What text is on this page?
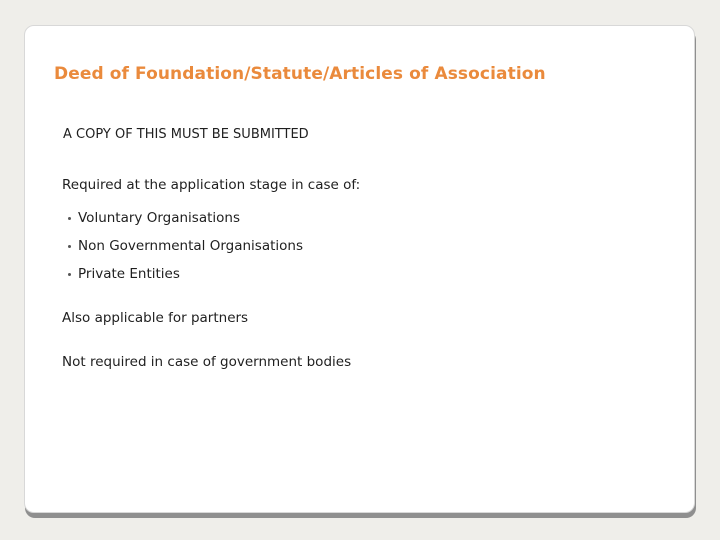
Deed of Foundation/Statute/Articles of Association

A COPY OF THIS MUST BE SUBMITTED

Required at the application stage in case of:

Voluntary Organisations
Non Governmental Organisations
Private Entities

Also applicable for partners

Not required in case of government bodies
